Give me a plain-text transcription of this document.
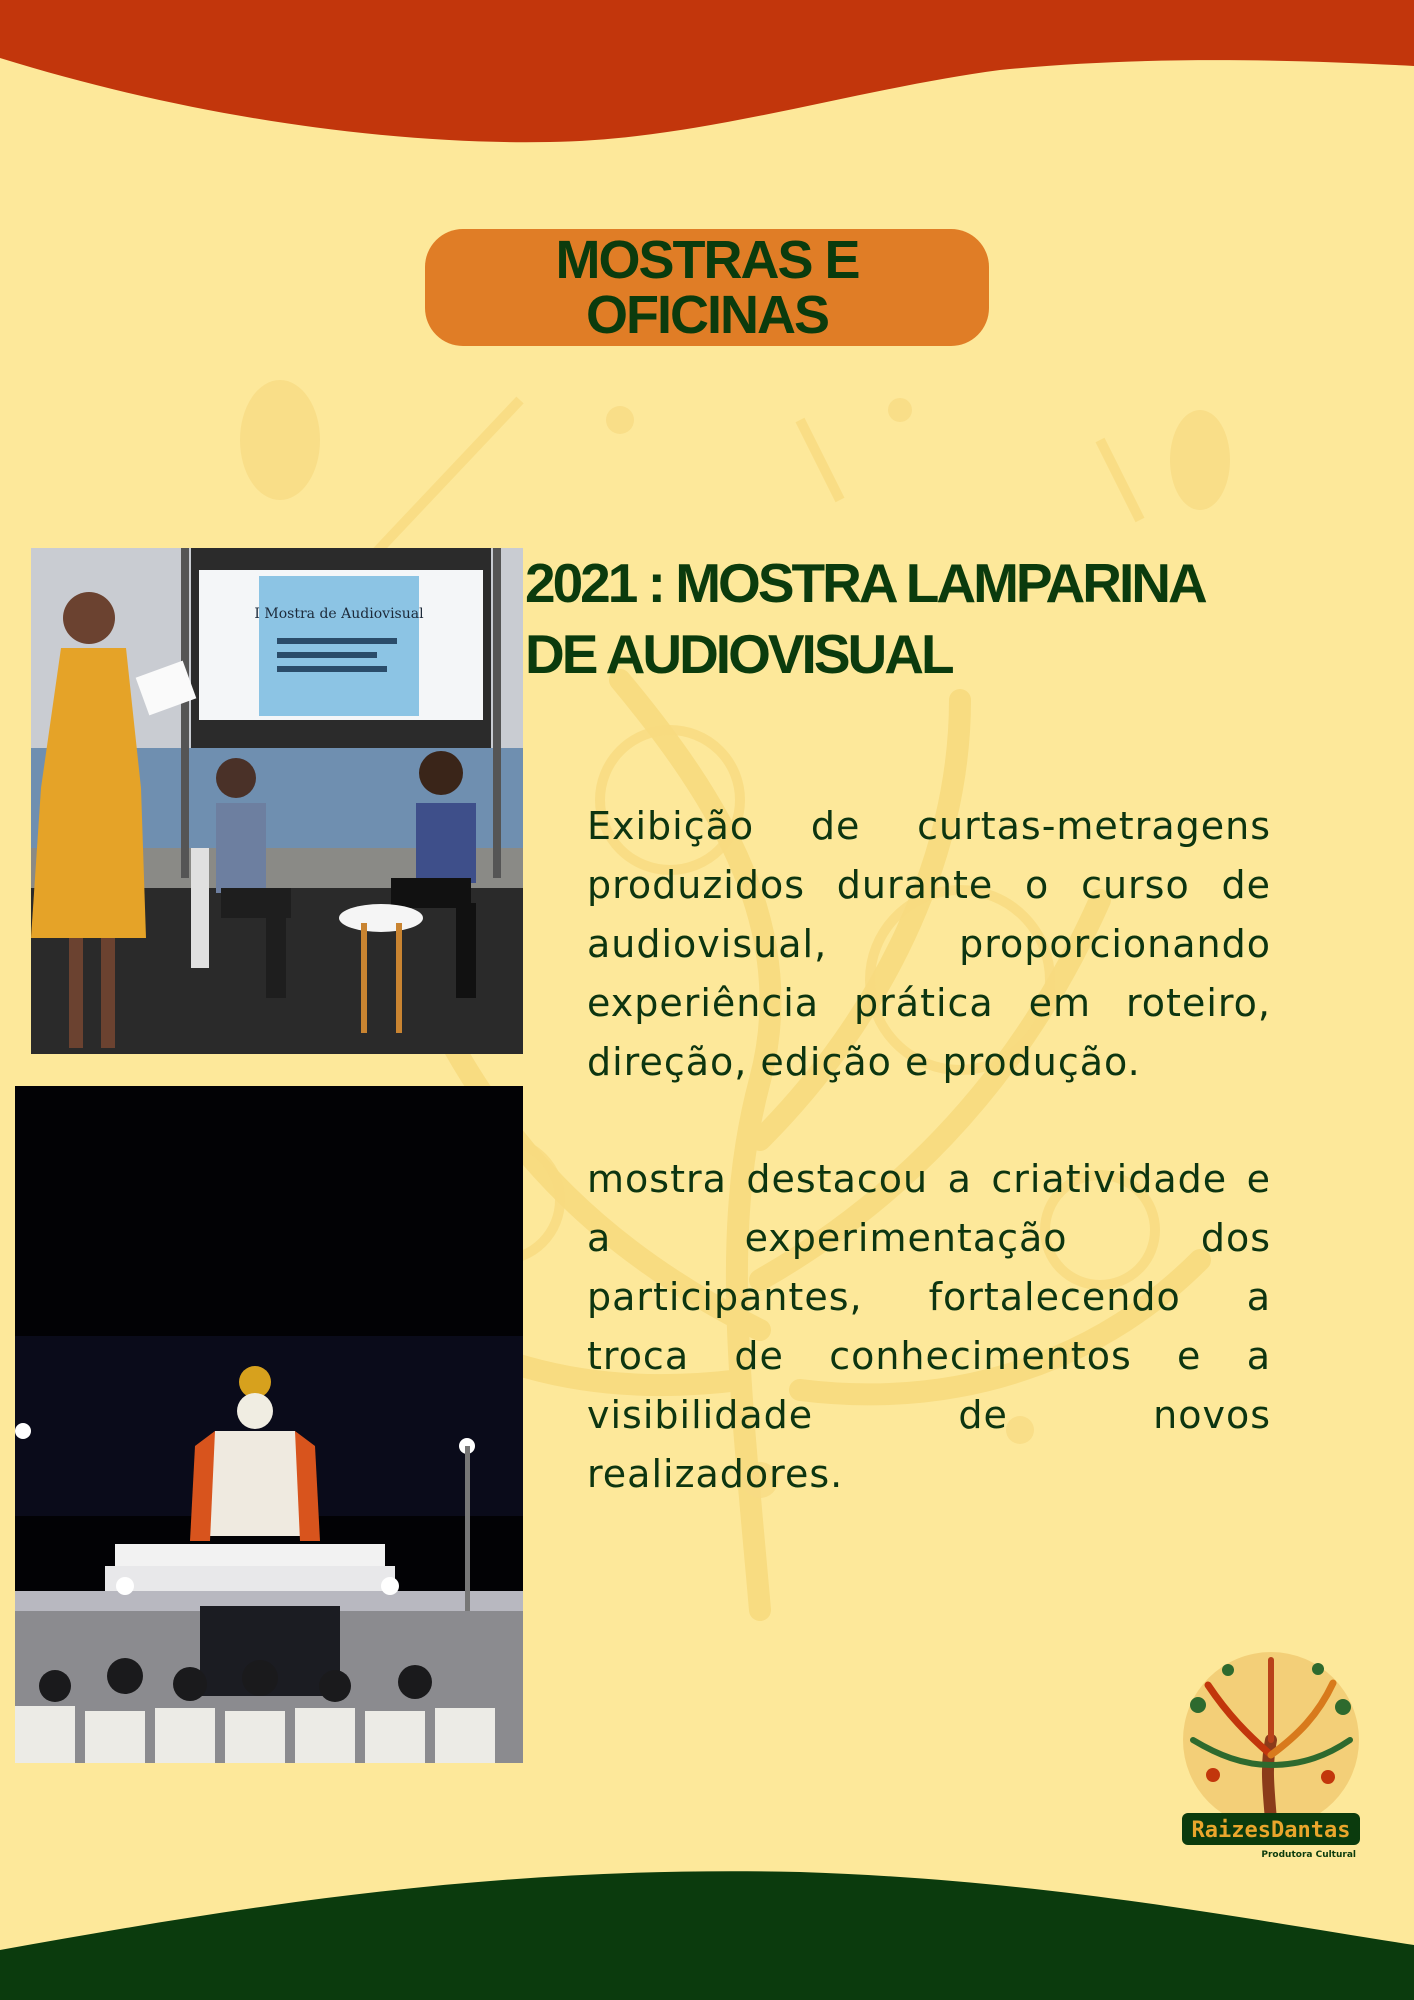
MOSTRAS E
OFICINAS
I Mostra de Audiovisual 2021 : MOSTRA LAMPARINA
DE AUDIOVISUAL
Exibição de curtas-metragens produzidos durante o curso de audiovisual, proporcionando experiência prática em roteiro, direção, edição e produção.
mostra destacou a criatividade e a experimentação dos participantes, fortalecendo a troca de conhecimentos e a visibilidade de novos realizadores.
RaizesDantas
Produtora Cultural
